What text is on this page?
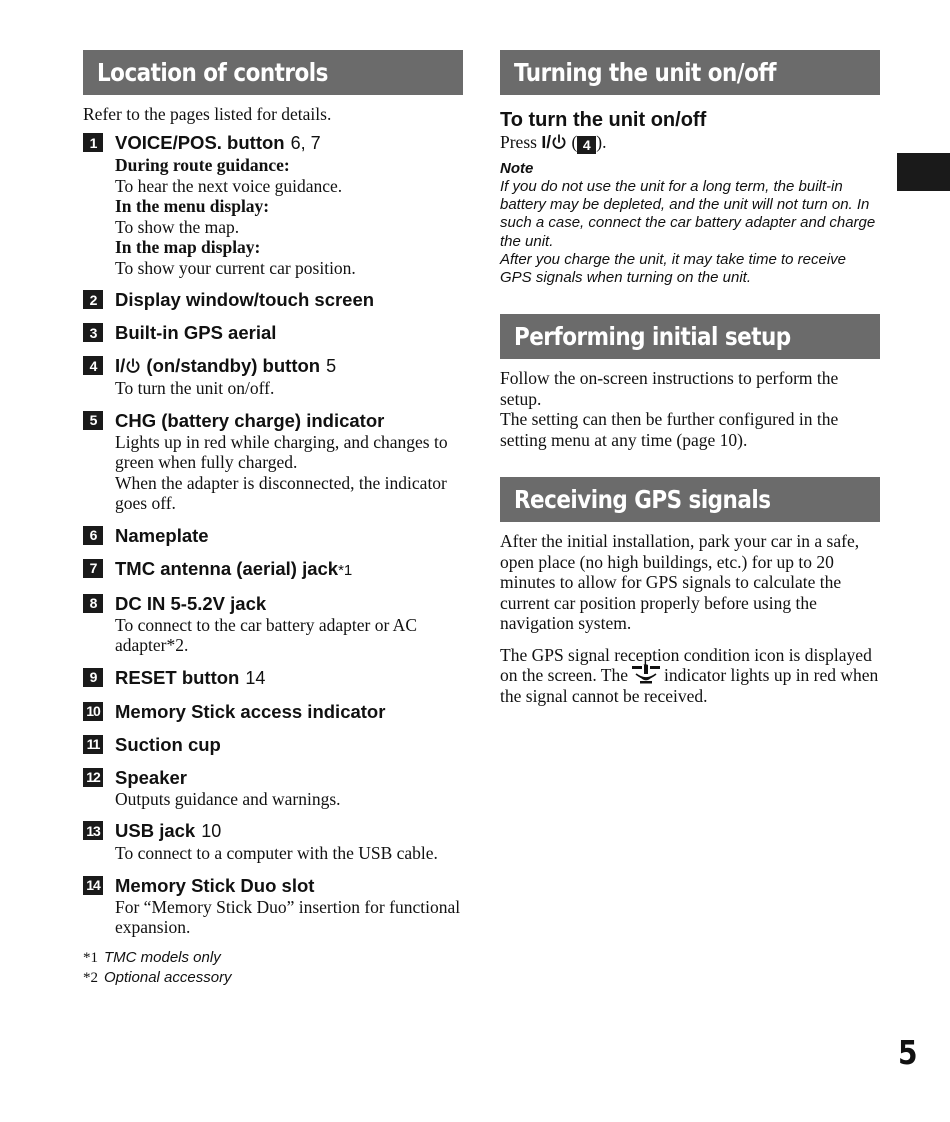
Location of controls
Refer to the pages listed for details.
1	VOICE/POS. button 6, 7
During route guidance:
To hear the next voice guidance.
In the menu display:
To show the map.
In the map display:
To show your current car position.
2	Display window/touch screen
3	Built-in GPS aerial
4	I/ (on/standby) button 5
To turn the unit on/off.
5	CHG (battery charge) indicator
Lights up in red while charging, and changes to green when fully charged.
When the adapter is disconnected, the indicator goes off.
6	Nameplate
7	TMC antenna (aerial) jack*1
8	DC IN 5-5.2V jack
To connect to the car battery adapter or AC adapter*2.
9	RESET button 14
10 Memory Stick access indicator
11 Suction cup
12 Speaker
Outputs guidance and warnings.
13 USB jack 10
To connect to a computer with the USB cable.
14 Memory Stick Duo slot
For “Memory Stick Duo” insertion for functional expansion.
*1 TMC models only
*2 Optional accessory
Turning the unit on/off
To turn the unit on/off
Press I/ ( 4 ).
Note
If you do not use the unit for a long term, the built-in battery may be depleted, and the unit will not turn on. In such a case, connect the car battery adapter and charge the unit.
After you charge the unit, it may take time to receive GPS signals when turning on the unit.
Performing initial setup

Follow the on-screen instructions to perform the setup.

The setting can then be further configured in the setting menu at any time (page 10).

Receiving GPS signals

After the initial installation, park your car in a safe, open place (no high buildings, etc.) for up to 20 minutes to allow for GPS signals to calculate the current car position properly before using the navigation system.

The GPS signal reception condition icon is displayed on the screen. The indicator lights up in red when the signal cannot be received.

5
